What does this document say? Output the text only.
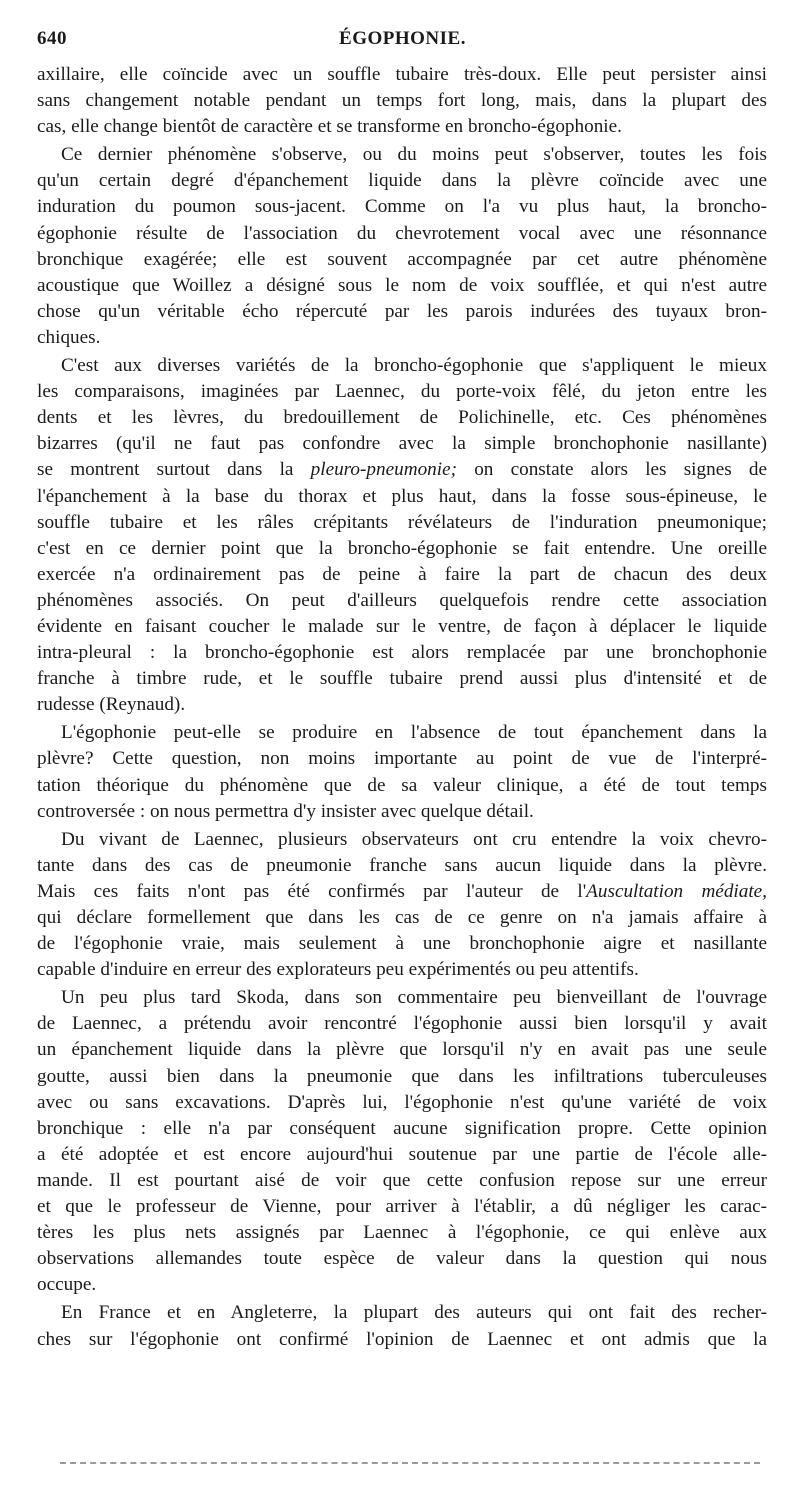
640	ÉGOPHONIE.
axillaire, elle coïncide avec un souffle tubaire très-doux. Elle peut persister ainsi
sans changement notable pendant un temps fort long, mais, dans la plupart des
cas, elle change bientôt de caractère et se transforme en broncho-égophonie.
Ce dernier phénomène s'observe, ou du moins peut s'observer, toutes les fois
qu'un certain degré d'épanchement liquide dans la plèvre coïncide avec une
induration du poumon sous-jacent. Comme on l'a vu plus haut, la broncho-
égophonie résulte de l'association du chevrotement vocal avec une résonnance
bronchique exagérée; elle est souvent accompagnée par cet autre phénomène
acoustique que Woillez a désigné sous le nom de voix soufflée, et qui n'est autre
chose qu'un véritable écho répercuté par les parois indurées des tuyaux bron-
chiques.
C'est aux diverses variétés de la broncho-égophonie que s'appliquent le mieux
les comparaisons, imaginées par Laennec, du porte-voix fêlé, du jeton entre les
dents et les lèvres, du bredouillement de Polichinelle, etc. Ces phénomènes
bizarres (qu'il ne faut pas confondre avec la simple bronchophonie nasillante)
se montrent surtout dans la pleuro-pneumonie; on constate alors les signes de
l'épanchement à la base du thorax et plus haut, dans la fosse sous-épineuse, le
souffle tubaire et les râles crépitants révélateurs de l'induration pneumonique;
c'est en ce dernier point que la broncho-égophonie se fait entendre. Une oreille
exercée n'a ordinairement pas de peine à faire la part de chacun des deux
phénomènes associés. On peut d'ailleurs quelquefois rendre cette association
évidente en faisant coucher le malade sur le ventre, de façon à déplacer le liquide
intra-pleural : la broncho-égophonie est alors remplacée par une bronchophonie
franche à timbre rude, et le souffle tubaire prend aussi plus d'intensité et de
rudesse (Reynaud).
L'égophonie peut-elle se produire en l'absence de tout épanchement dans la
plèvre? Cette question, non moins importante au point de vue de l'interpré-
tation théorique du phénomène que de sa valeur clinique, a été de tout temps
controversée : on nous permettra d'y insister avec quelque détail.
Du vivant de Laennec, plusieurs observateurs ont cru entendre la voix chevro-
tante dans des cas de pneumonie franche sans aucun liquide dans la plèvre.
Mais ces faits n'ont pas été confirmés par l'auteur de l'Auscultation médiate,
qui déclare formellement que dans les cas de ce genre on n'a jamais affaire à
de l'égophonie vraie, mais seulement à une bronchophonie aigre et nasillante
capable d'induire en erreur des explorateurs peu expérimentés ou peu attentifs.
Un peu plus tard Skoda, dans son commentaire peu bienveillant de l'ouvrage
de Laennec, a prétendu avoir rencontré l'égophonie aussi bien lorsqu'il y avait
un épanchement liquide dans la plèvre que lorsqu'il n'y en avait pas une seule
goutte, aussi bien dans la pneumonie que dans les infiltrations tuberculeuses
avec ou sans excavations. D'après lui, l'égophonie n'est qu'une variété de voix
bronchique : elle n'a par conséquent aucune signification propre. Cette opinion
a été adoptée et est encore aujourd'hui soutenue par une partie de l'école alle-
mande. Il est pourtant aisé de voir que cette confusion repose sur une erreur
et que le professeur de Vienne, pour arriver à l'établir, a dû négliger les carac-
tères les plus nets assignés par Laennec à l'égophonie, ce qui enlève aux
observations allemandes toute espèce de valeur dans la question qui nous
occupe.
En France et en Angleterre, la plupart des auteurs qui ont fait des recher-
ches sur l'égophonie ont confirmé l'opinion de Laennec et ont admis que la
